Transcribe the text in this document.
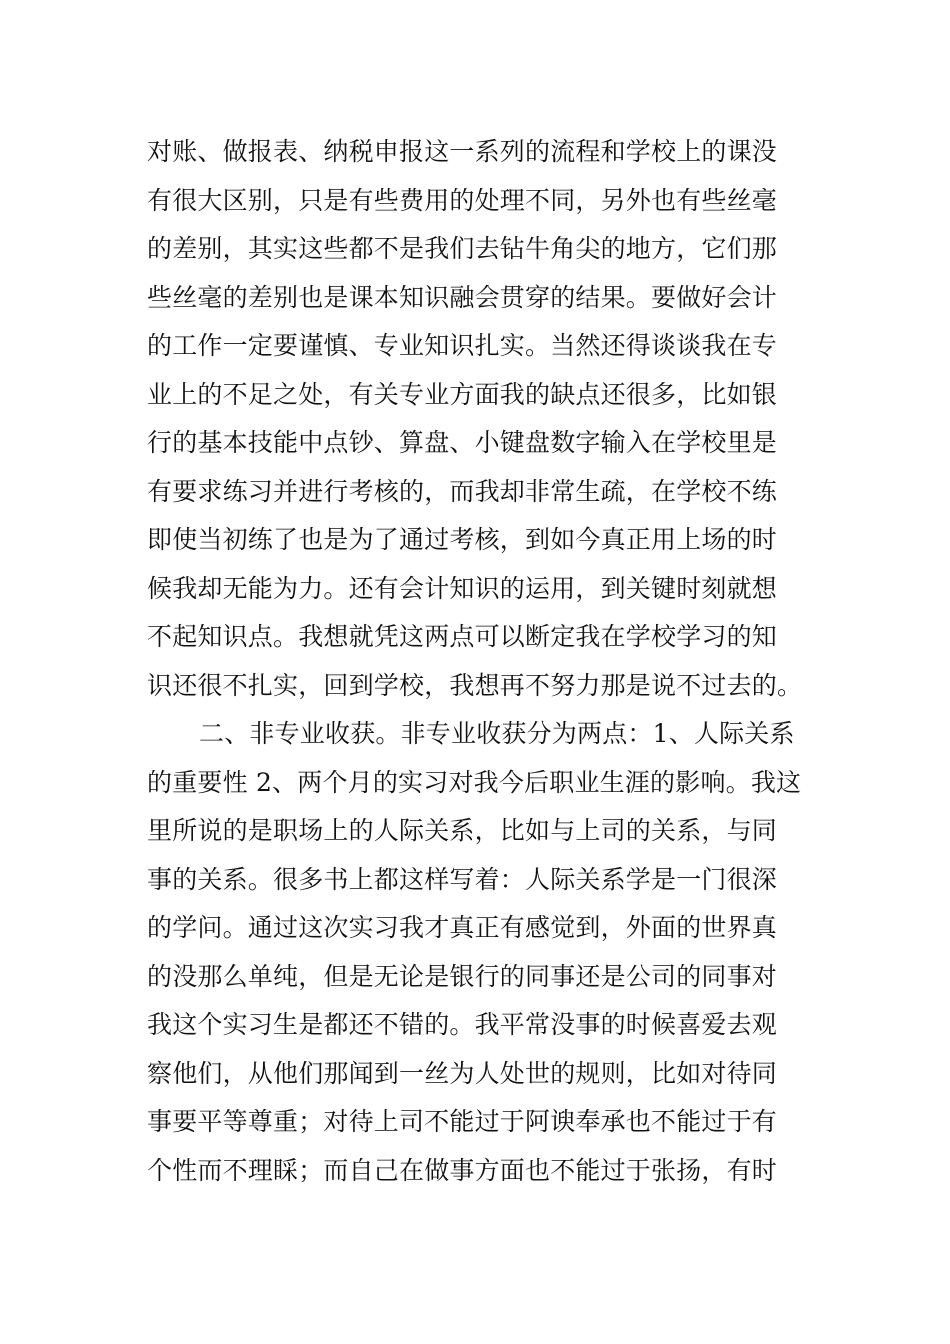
对账、做报表、纳税申报这一系列的流程和学校上的课没
有很大区别，只是有些费用的处理不同，另外也有些丝毫
的差别，其实这些都不是我们去钻牛角尖的地方，它们那
些丝毫的差别也是课本知识融会贯穿的结果。要做好会计
的工作一定要谨慎、专业知识扎实。当然还得谈谈我在专
业上的不足之处，有关专业方面我的缺点还很多，比如银
行的基本技能中点钞、算盘、小键盘数字输入在学校里是
有要求练习并进行考核的，而我却非常生疏，在学校不练
即使当初练了也是为了通过考核，到如今真正用上场的时
候我却无能为力。还有会计知识的运用，到关键时刻就想
不起知识点。我想就凭这两点可以断定我在学校学习的知
识还很不扎实，回到学校，我想再不努力那是说不过去的。
二、非专业收获。非专业收获分为两点：1、人际关系
的重要性 2、两个月的实习对我今后职业生涯的影响。我这
里所说的是职场上的人际关系，比如与上司的关系，与同
事的关系。很多书上都这样写着：人际关系学是一门很深
的学问。通过这次实习我才真正有感觉到，外面的世界真
的没那么单纯，但是无论是银行的同事还是公司的同事对
我这个实习生是都还不错的。我平常没事的时候喜爱去观
察他们，从他们那闻到一丝为人处世的规则，比如对待同
事要平等尊重；对待上司不能过于阿谀奉承也不能过于有
个性而不理睬；而自己在做事方面也不能过于张扬，有时
